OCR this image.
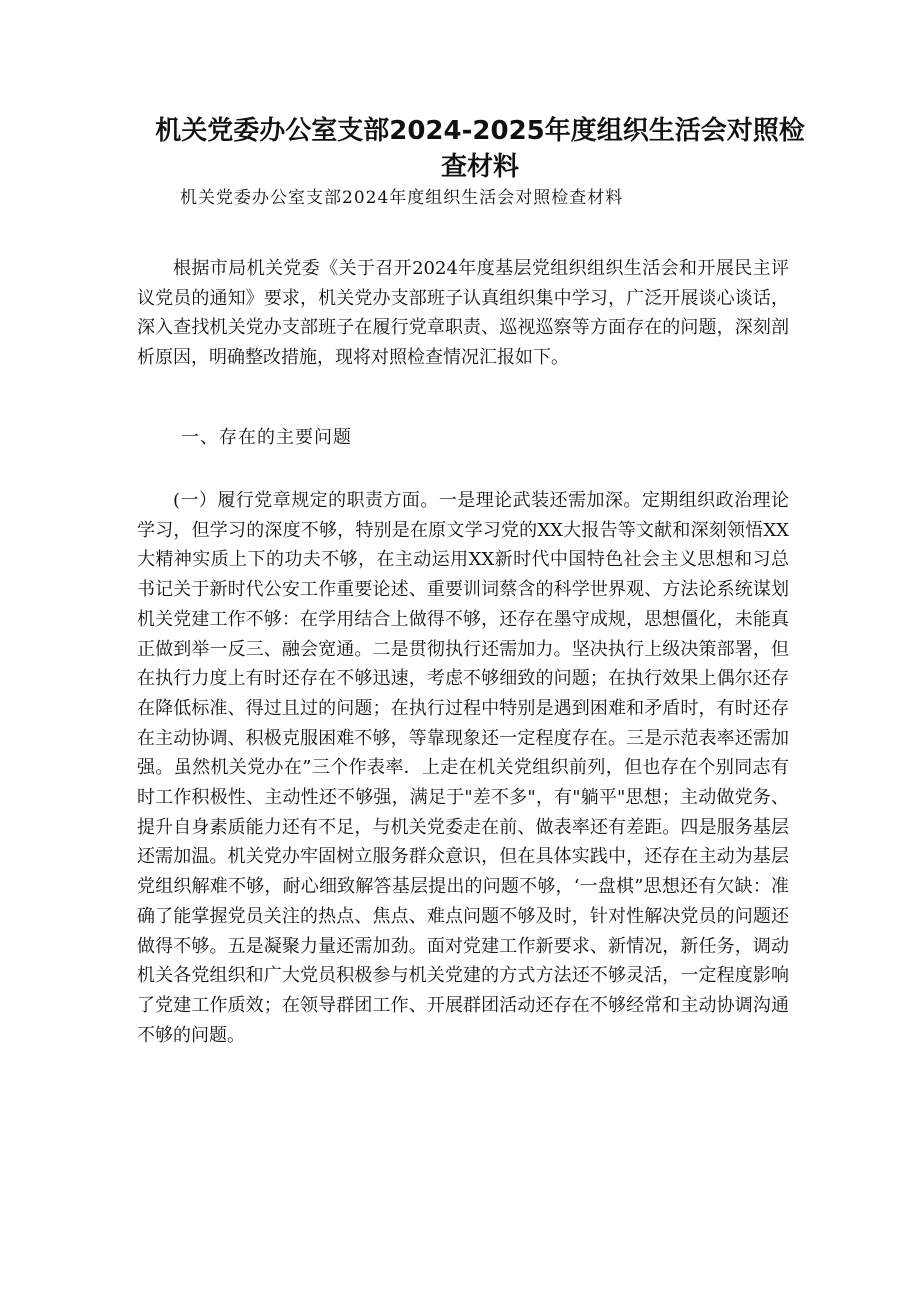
机关党委办公室支部2024-2025年度组织生活会对照检查材料

机关党委办公室支部2024年度组织生活会对照检查材料

根据市局机关党委《关于召开2024年度基层党组织组织生活会和开展民主评议党员的通知》要求，机关党办支部班子认真组织集中学习，广泛开展谈心谈话，深入查找机关党办支部班子在履行党章职责、巡视巡察等方面存在的问题，深刻剖析原因，明确整改措施，现将对照检查情况汇报如下。

一、存在的主要问题

(一）履行党章规定的职责方面。一是理论武装还需加深。定期组织政治理论学习，但学习的深度不够，特别是在原文学习党的XX大报告等文献和深刻领悟XX大精神实质上下的功夫不够，在主动运用XX新时代中国特色社会主义思想和习总书记关于新时代公安工作重要论述、重要训词蔡含的科学世界观、方法论系统谋划机关党建工作不够：在学用结合上做得不够，还存在墨守成规，思想僵化，未能真正做到举一反三、融会宽通。二是贯彻执行还需加力。坚决执行上级决策部署，但在执行力度上有时还存在不够迅速，考虑不够细致的问题；在执行效果上偶尔还存在降低标准、得过且过的问题；在执行过程中特别是遇到困难和矛盾时，有时还存在主动协调、积极克服困难不够，等靠现象还一定程度存在。三是示范表率还需加强。虽然机关党办在”三个作表率．上走在机关党组织前列，但也存在个别同志有时工作积极性、主动性还不够强，满足于"差不多"，有"躺平"思想；主动做党务、提升自身素质能力还有不足，与机关党委走在前、做表率还有差距。四是服务基层还需加温。机关党办牢固树立服务群众意识，但在具体实践中，还存在主动为基层党组织解难不够，耐心细致解答基层提出的问题不够，‘一盘棋”思想还有欠缺：准确了能掌握党员关注的热点、焦点、难点问题不够及时，针对性解决党员的问题还做得不够。五是凝聚力量还需加劲。面对党建工作新要求、新情况，新任务，调动机关各党组织和广大党员积极参与机关党建的方式方法还不够灵活，一定程度影响了党建工作质效；在领导群团工作、开展群团活动还存在不够经常和主动协调沟通不够的问题。
